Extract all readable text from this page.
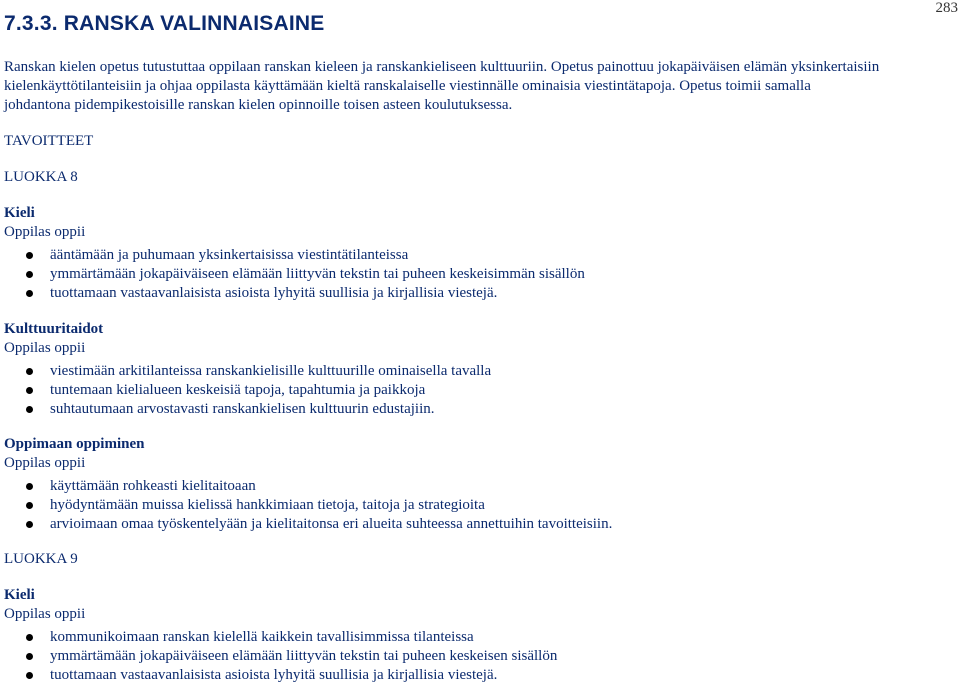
283
7.3.3. RANSKA VALINNAISAINE
Ranskan kielen opetus tutustuttaa oppilaan ranskan kieleen ja ranskankieliseen kulttuuriin. Opetus painottuu jokapäiväisen elämän yksinkertaisiin
kielenkäyttötilanteisiin ja ohjaa oppilasta käyttämään kieltä ranskalaiselle viestinnälle ominaisia viestintätapoja. Opetus toimii samalla
johdantona pidempikestoisille ranskan kielen opinnoille toisen asteen koulutuksessa.
TAVOITTEET
LUOKKA 8
Kieli
Oppilas oppii
ääntämään ja puhumaan yksinkertaisissa viestintätilanteissa
ymmärtämään jokapäiväiseen elämään liittyvän tekstin tai puheen keskeisimmän sisällön
tuottamaan vastaavanlaisista asioista lyhyitä suullisia ja kirjallisia viestejä.
Kulttuuritaidot
Oppilas oppii
viestimään arkitilanteissa ranskankielisille kulttuurille ominaisella tavalla
tuntemaan kielialueen keskeisiä tapoja, tapahtumia ja paikkoja
suhtautumaan arvostavasti ranskankielisen kulttuurin edustajiin.
Oppimaan oppiminen
Oppilas oppii
käyttämään rohkeasti kielitaitoaan
hyödyntämään muissa kielissä hankkimiaan tietoja, taitoja ja strategioita
arvioimaan omaa työskentelyään ja kielitaitonsa eri alueita suhteessa annettuihin tavoitteisiin.
LUOKKA 9
Kieli
Oppilas oppii
kommunikoimaan ranskan kielellä kaikkein tavallisimmissa tilanteissa
ymmärtämään jokapäiväiseen elämään liittyvän tekstin tai puheen keskeisen sisällön
tuottamaan vastaavanlaisista asioista lyhyitä suullisia ja kirjallisia viestejä.
